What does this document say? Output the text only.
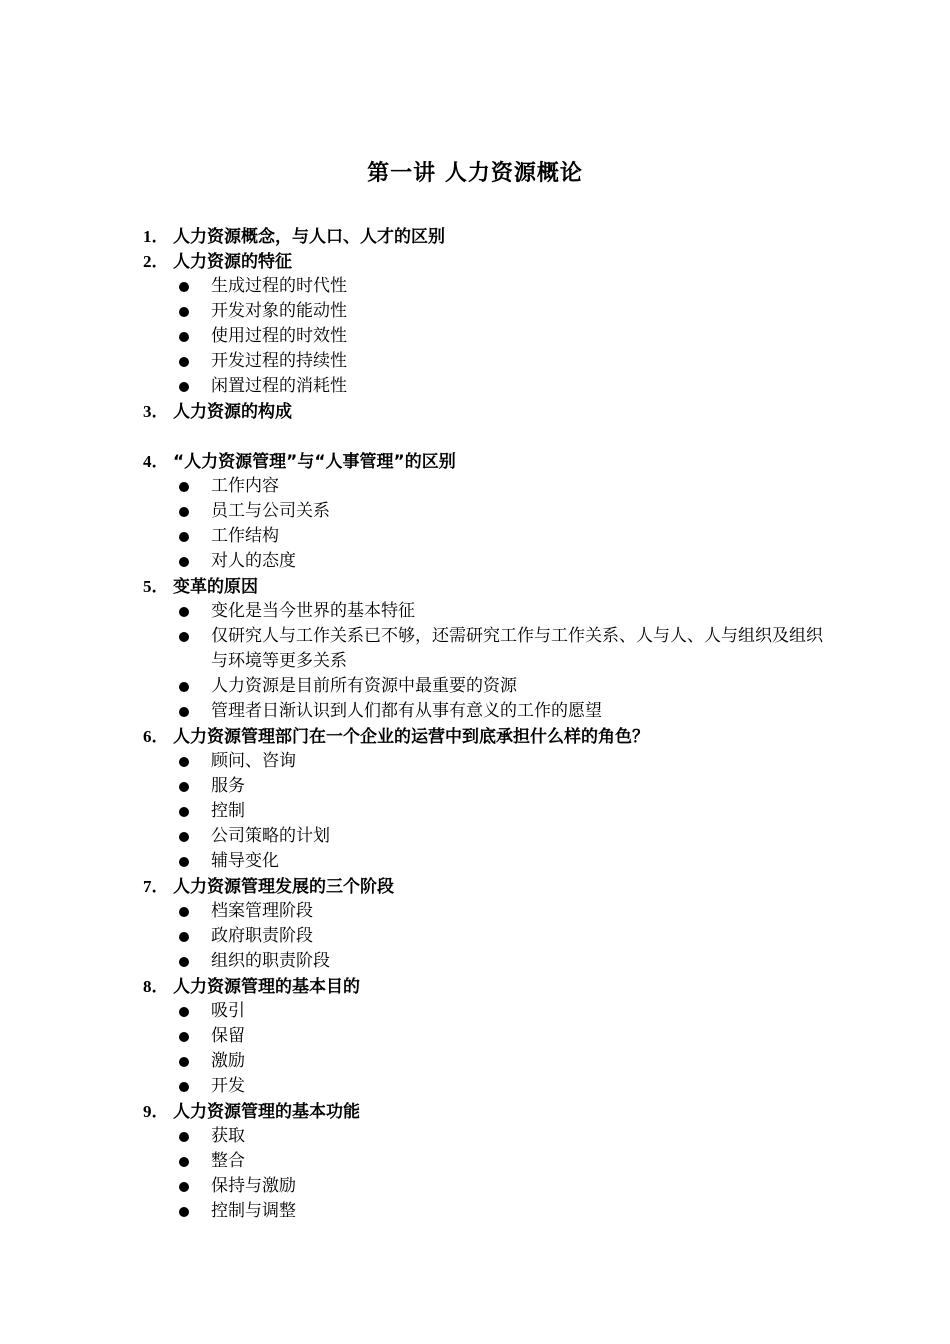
第一讲 人力资源概论
1． 人力资源概念，与人口、人才的区别
2． 人力资源的特征
生成过程的时代性
开发对象的能动性
使用过程的时效性
开发过程的持续性
闲置过程的消耗性
3． 人力资源的构成
4． “人力资源管理”与“人事管理”的区别
工作内容
员工与公司关系
工作结构
对人的态度
5． 变革的原因
变化是当今世界的基本特征
仅研究人与工作关系已不够，还需研究工作与工作关系、人与人、人与组织及组织与环境等更多关系
人力资源是目前所有资源中最重要的资源
管理者日渐认识到人们都有从事有意义的工作的愿望
6． 人力资源管理部门在一个企业的运营中到底承担什么样的角色？
顾问、咨询
服务
控制
公司策略的计划
辅导变化
7． 人力资源管理发展的三个阶段
档案管理阶段
政府职责阶段
组织的职责阶段
8． 人力资源管理的基本目的
吸引
保留
激励
开发
9． 人力资源管理的基本功能
获取
整合
保持与激励
控制与调整
